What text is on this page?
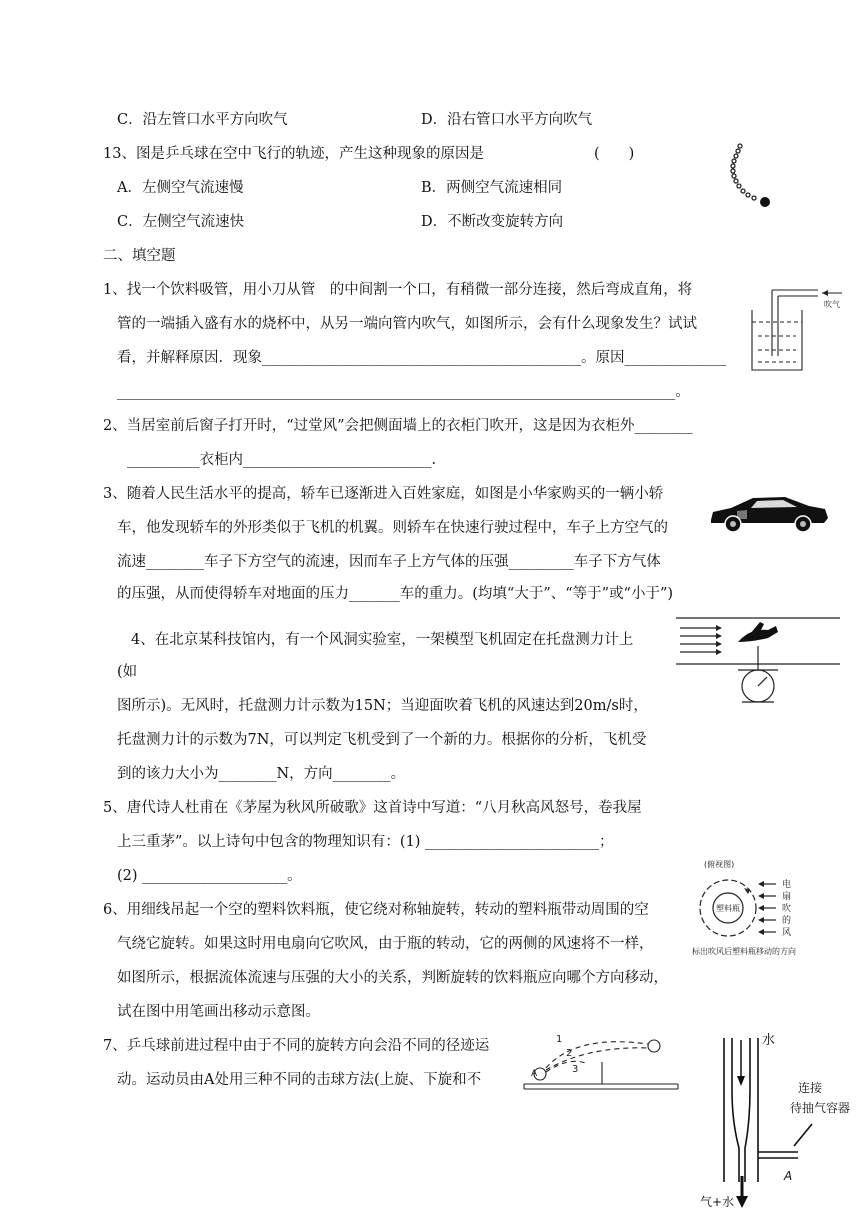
C．沿左管口水平方向吹气	D．沿右管口水平方向吹气
13、图是乒乓球在空中飞行的轨迹，产生这种现象的原因是	(　　)
A．左侧空气流速慢	B．两侧空气流速相同
C．左侧空气流速快	D．不断改变旋转方向
二、填空题
1、找一个饮料吸管，用小刀从管　的中间割一个口，有稍微一部分连接，然后弯成直角，将
管的一端插入盛有水的烧杯中，从另一端向管内吹气，如图所示，会有什么现象发生？试试
看，并解释原因．现象____________________________________________。原因______________
_____________________________________________________________________________。
吹气
2、当居室前后窗子打开时，“过堂风”会把侧面墙上的衣柜门吹开，这是因为衣柜外________
__________衣柜内__________________________.
3、随着人民生活水平的提高，轿车已逐渐进入百姓家庭，如图是小华家购买的一辆小轿
车，他发现轿车的外形类似于飞机的机翼。则轿车在快速行驶过程中，车子上方空气的
流速________车子下方空气的流速，因而车子上方气体的压强_________车子下方气体
的压强，从而使得轿车对地面的压力_______车的重力。(均填“大于”、“等于”或“小于”)
4、在北京某科技馆内，有一个风洞实验室，一架模型飞机固定在托盘测力计上
(如
图所示)。无风时，托盘测力计示数为15N；当迎面吹着飞机的风速达到20m/s时，
托盘测力计的示数为7N，可以判定飞机受到了一个新的力。根据你的分析，飞机受
到的该力大小为________N，方向________。
5、唐代诗人杜甫在《茅屋为秋风所破歌》这首诗中写道：“八月秋高风怒号，卷我屋
上三重茅”。以上诗句中包含的物理知识有：(1) ________________________；
(2) ____________________。
6、用细线吊起一个空的塑料饮料瓶，使它绕对称轴旋转，转动的塑料瓶带动周围的空
气绕它旋转。如果这时用电扇向它吹风，由于瓶的转动，它的两侧的风速将不一样，
如图所示，根据流体流速与压强的大小的关系，判断旋转的饮料瓶应向哪个方向移动，
试在图中用笔画出移动示意图。
(俯视图)
塑料瓶
电
扇
吹
的
风
标出吹风后塑料瓶移动的方向
7、乒乓球前进过程中由于不同的旋转方向会沿不同的径迹运
动。运动员由A处用三种不同的击球方法(上旋、下旋和不
1
2
3
A
水
连接
待抽气容器
A
气+水
